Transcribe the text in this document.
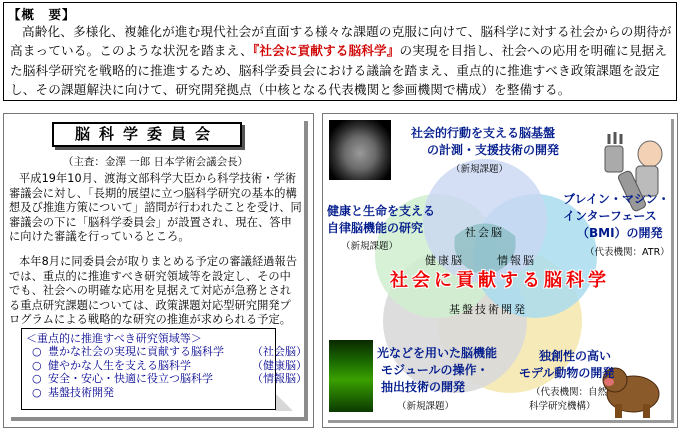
【概　要】
高齢化、多様化、複雑化が進む現代社会が直面する様々な課題の克服に向けて、脳科学に対する社会からの期待が高まっている。このような状況を踏まえ、『社会に貢献する脳科学』の実現を目指し、社会への応用を明確に見据えた脳科学研究を戦略的に推進するため、脳科学委員会における議論を踏まえ、重点的に推進すべき政策課題を設定し、その課題解決に向けて、研究開発拠点（中核となる代表機関と参画機関で構成）を整備する。
脳科学委員会
（主査：金澤 一郎 日本学術会議会長）
平成19年10月、渡海文部科学大臣から科学技術・学術審議会に対し、「長期的展望に立つ脳科学研究の基本的構想及び推進方策について」諮問が行われたことを受け、同審議会の下に「脳科学委員会」が設置され、現在、答申に向けた審議を行っているところ。
本年8月に同委員会が取りまとめる予定の審議経過報告では、重点的に推進すべき研究領域等を設定し、その中でも、社会への明確な応用を見据えて対応が急務とされる重点研究課題については、政策課題対応型研究開発プログラムによる戦略的な研究の推進が求められる予定。
＜重点的に推進すべき研究領域等＞
○ 豊かな社会の実現に貢献する脳科学	（社会脳）
○ 健やかな人生を支える脳科学	（健康脳）
○ 安全・安心・快適に役立つ脳科学	（情報脳）
○ 基盤技術開発
社会的行動を支える脳基盤
の計測・支援技術の開発
（新規課題）
健康と生命を支える
自律脳機能の研究
（新規課題）
ブレイン・マシン・
インターフェース
（BMI）の開発
（代表機関：ATR）
社会脳
健康脳	情報脳
基盤技術開発
社会に貢献する脳科学
光などを用いた脳機能
モジュールの操作・
抽出技術の開発
（新規課題）
独創性の高い
モデル動物の開発
（代表機関：自然
科学研究機構）
